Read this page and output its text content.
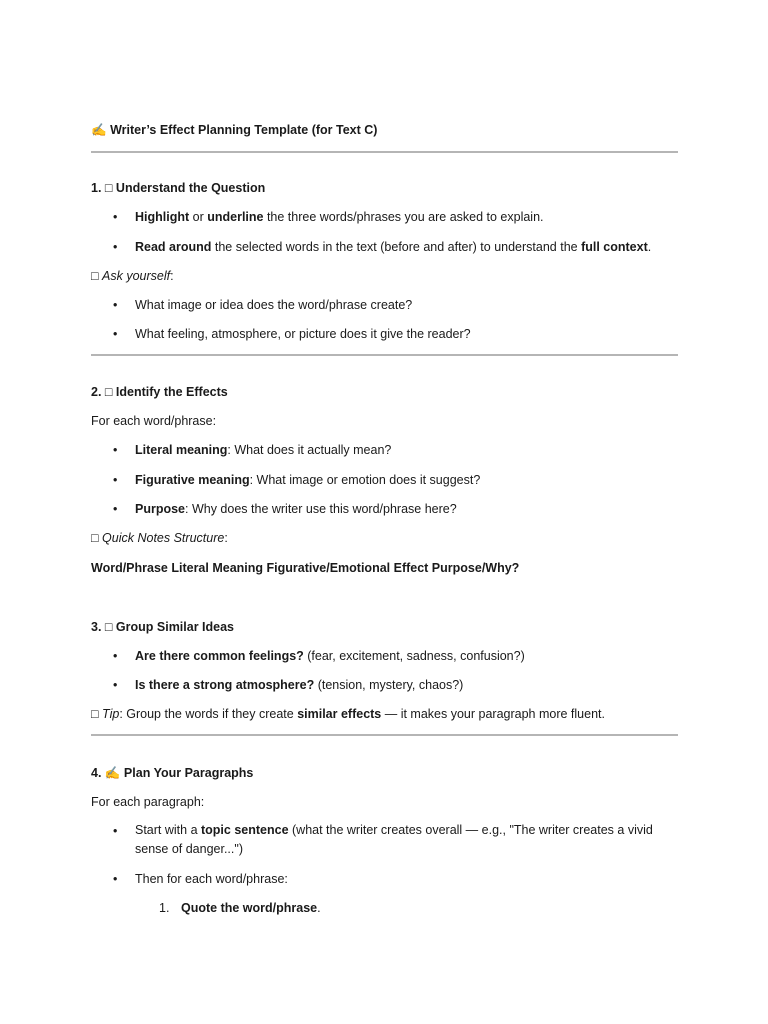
✍ Writer’s Effect Planning Template (for Text C)
1. □ Understand the Question
• Highlight or underline the three words/phrases you are asked to explain.
• Read around the selected words in the text (before and after) to understand the full context.
□ Ask yourself:
• What image or idea does the word/phrase create?
• What feeling, atmosphere, or picture does it give the reader?
2. □ Identify the Effects
For each word/phrase:
• Literal meaning: What does it actually mean?
• Figurative meaning: What image or emotion does it suggest?
• Purpose: Why does the writer use this word/phrase here?
□ Quick Notes Structure:
Word/Phrase Literal Meaning Figurative/Emotional Effect Purpose/Why?
3. □ Group Similar Ideas
• Are there common feelings? (fear, excitement, sadness, confusion?)
• Is there a strong atmosphere? (tension, mystery, chaos?)
□ Tip: Group the words if they create similar effects — it makes your paragraph more fluent.
4. ✍ Plan Your Paragraphs
For each paragraph:
• Start with a topic sentence (what the writer creates overall — e.g., "The writer creates a vivid sense of danger...")
• Then for each word/phrase:
1. Quote the word/phrase.
